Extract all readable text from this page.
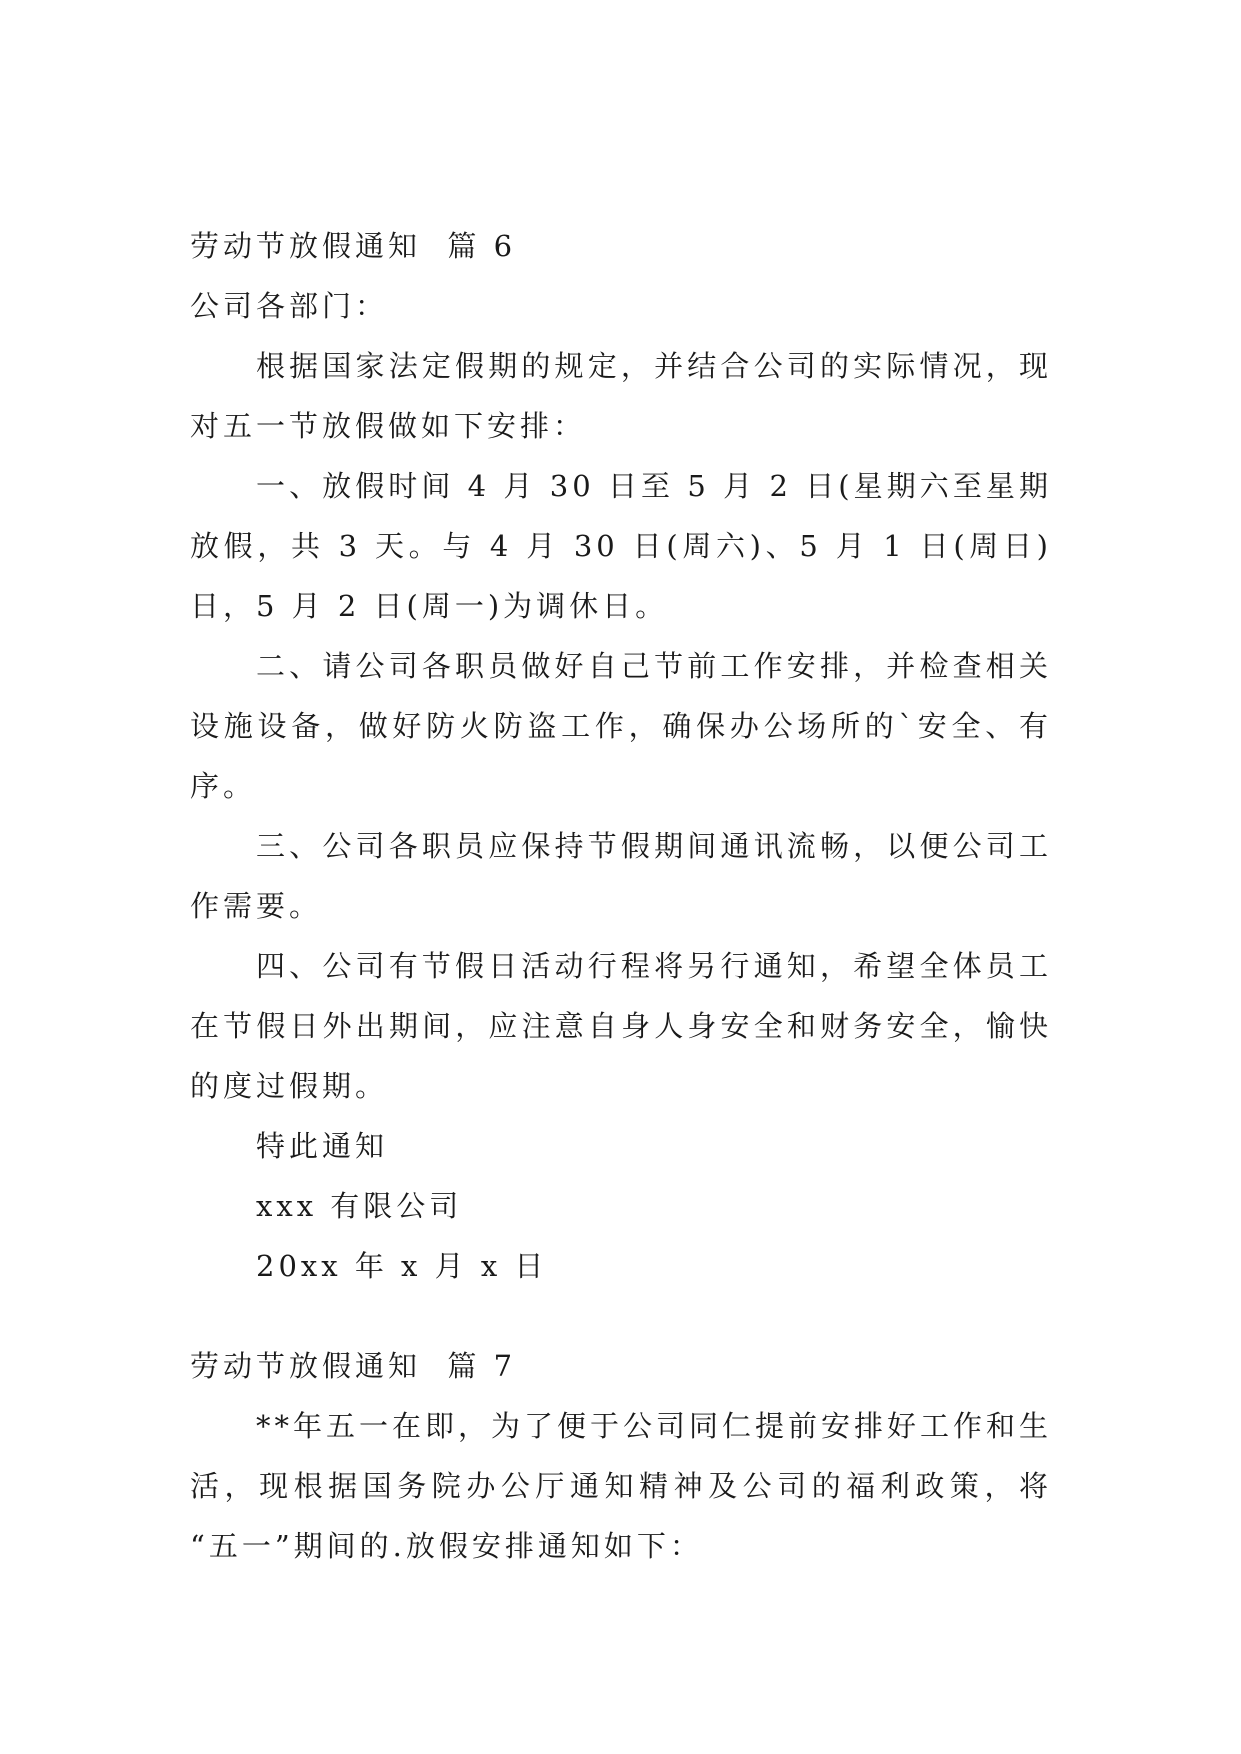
劳动节放假通知  篇 6
公司各部门：
根据国家法定假期的规定，并结合公司的实际情况，现
对五一节放假做如下安排：
一、放假时间 4 月 30 日至 5 月 2 日(星期六至星期
放假，共 3 天。与 4 月 30 日(周六)、5 月 1 日(周日)
日，5 月 2 日(周一)为调休日。
二、请公司各职员做好自己节前工作安排，并检查相关
设施设备，做好防火防盗工作，确保办公场所的`安全、有
序。
三、公司各职员应保持节假期间通讯流畅，以便公司工
作需要。
四、公司有节假日活动行程将另行通知，希望全体员工
在节假日外出期间，应注意自身人身安全和财务安全，愉快
的度过假期。
特此通知
xxx 有限公司
20xx 年 x 月 x 日
劳动节放假通知  篇 7
**年五一在即，为了便于公司同仁提前安排好工作和生
活，现根据国务院办公厅通知精神及公司的福利政策，将
“五一”期间的.放假安排通知如下：
